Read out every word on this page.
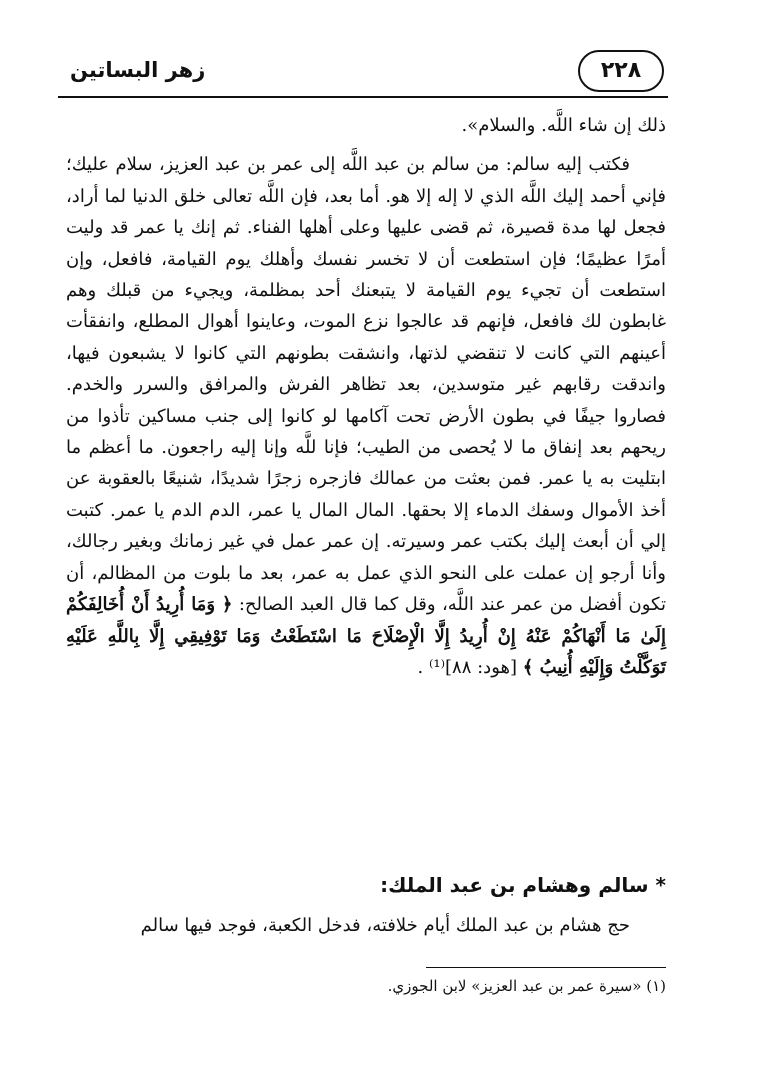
زهر البساتين	٢٢٨

ذلك إن شاء اللَّه. والسلام».

فكتب إليه سالم: من سالم بن عبد اللَّه إلى عمر بن عبد العزيز، سلام عليك؛ فإني أحمد إليك اللَّه الذي لا إله إلا هو. أما بعد، فإن اللَّه تعالى خلق الدنيا لما أراد، فجعل لها مدة قصيرة، ثم قضى عليها وعلى أهلها الفناء. ثم إنك يا عمر قد وليت أمرًا عظيمًا؛ فإن استطعت أن لا تخسر نفسك وأهلك يوم القيامة، فافعل، وإن استطعت أن تجيء يوم القيامة لا يتبعنك أحد بمظلمة، ويجيء من قبلك وهم غابطون لك فافعل، فإنهم قد عالجوا نزع الموت، وعاينوا أهوال المطلع، وانفقأت أعينهم التي كانت لا تنقضي لذتها، وانشقت بطونهم التي كانوا لا يشبعون فيها، واندقت رقابهم غير متوسدين، بعد تظاهر الفرش والمرافق والسرر والخدم. فصاروا جيفًا في بطون الأرض تحت آكامها لو كانوا إلى جنب مساكين تأذوا من ريحهم بعد إنفاق ما لا يُحصى من الطيب؛ فإنا للَّه وإنا إليه راجعون. ما أعظم ما ابتليت به يا عمر. فمن بعثت من عمالك فازجره زجرًا شديدًا، شنيعًا بالعقوبة عن أخذ الأموال وسفك الدماء إلا بحقها. المال المال يا عمر، الدم الدم يا عمر. كتبت إلي أن أبعث إليك بكتب عمر وسيرته. إن عمر عمل في غير زمانك وبغير رجالك، وأنا أرجو إن عملت على النحو الذي عمل به عمر، بعد ما بلوت من المظالم، أن تكون أفضل من عمر عند اللَّه، وقل كما قال العبد الصالح: ﴿ وَمَا أُرِيدُ أَنْ أُخَالِفَكُمْ إِلَىٰ مَا أَنْهَاكُمْ عَنْهُ إِنْ أُرِيدُ إِلَّا الْإِصْلَاحَ مَا اسْتَطَعْتُ وَمَا تَوْفِيقِي إِلَّا بِاللَّهِ عَلَيْهِ تَوَكَّلْتُ وَإِلَيْهِ أُنِيبُ ﴾ [هود: ٨٨]⁽¹⁾ .

* سالم وهشام بن عبد الملك:

حج هشام بن عبد الملك أيام خلافته، فدخل الكعبة، فوجد فيها سالم

(١) «سيرة عمر بن عبد العزيز» لابن الجوزي.
